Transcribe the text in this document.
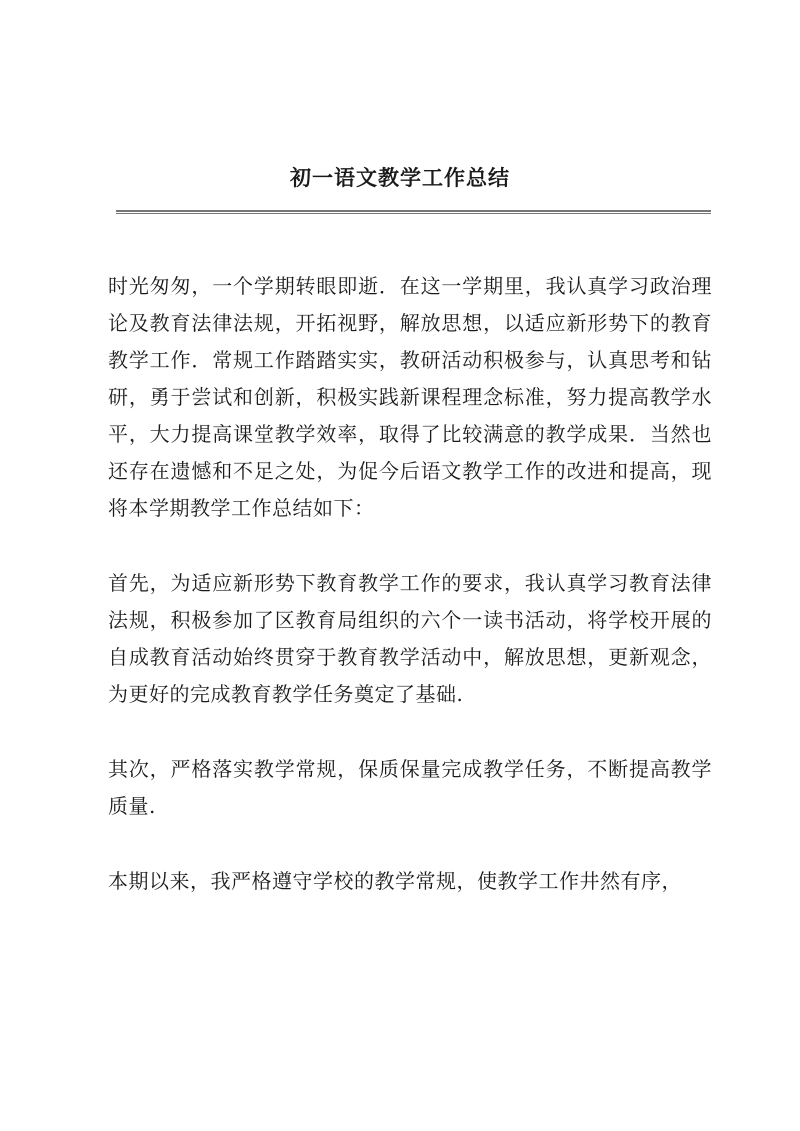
初一语文教学工作总结

时光匆匆，一个学期转眼即逝．在这一学期里，我认真学习政治理论及教育法律法规，开拓视野，解放思想，以适应新形势下的教育教学工作．常规工作踏踏实实，教研活动积极参与，认真思考和钻研，勇于尝试和创新，积极实践新课程理念标准，努力提高教学水平，大力提高课堂教学效率，取得了比较满意的教学成果．当然也还存在遗憾和不足之处，为促今后语文教学工作的改进和提高，现将本学期教学工作总结如下：

首先，为适应新形势下教育教学工作的要求，我认真学习教育法律法规，积极参加了区教育局组织的六个一读书活动，将学校开展的自成教育活动始终贯穿于教育教学活动中，解放思想，更新观念，为更好的完成教育教学任务奠定了基础.

其次，严格落实教学常规，保质保量完成教学任务，不断提高教学质量.

本期以来，我严格遵守学校的教学常规，使教学工作井然有序，
